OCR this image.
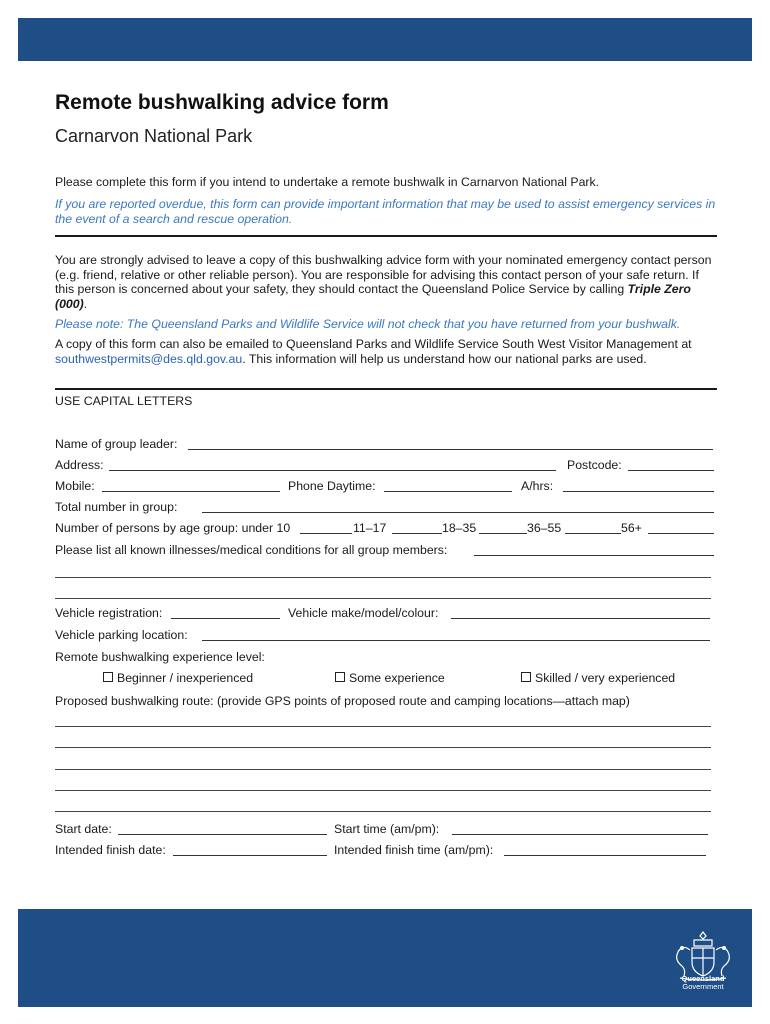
Remote bushwalking advice form
Carnarvon National Park
Please complete this form if you intend to undertake a remote bushwalk in Carnarvon National Park.
If you are reported overdue, this form can provide important information that may be used to assist emergency services in the event of a search and rescue operation.
You are strongly advised to leave a copy of this bushwalking advice form with your nominated emergency contact person (e.g. friend, relative or other reliable person). You are responsible for advising this contact person of your safe return. If this person is concerned about your safety, they should contact the Queensland Police Service by calling Triple Zero (000).
Please note: The Queensland Parks and Wildlife Service will not check that you have returned from your bushwalk.
A copy of this form can also be emailed to Queensland Parks and Wildlife Service South West Visitor Management at southwestpermits@des.qld.gov.au. This information will help us understand how our national parks are used.
USE CAPITAL LETTERS
Name of group leader:
Address:	Postcode:
Mobile:	Phone Daytime:	A/hrs:
Total number in group:
Number of persons by age group: under 10	11–17	18–35	36–55	56+
Please list all known illnesses/medical conditions for all group members:
Vehicle registration:	Vehicle make/model/colour:
Vehicle parking location:
Remote bushwalking experience level:
Beginner / inexperienced	Some experience	Skilled / very experienced
Proposed bushwalking route: (provide GPS points of proposed route and camping locations—attach map)
Start date:	Start time (am/pm):
Intended finish date:	Intended finish time (am/pm):
Queensland
Government
